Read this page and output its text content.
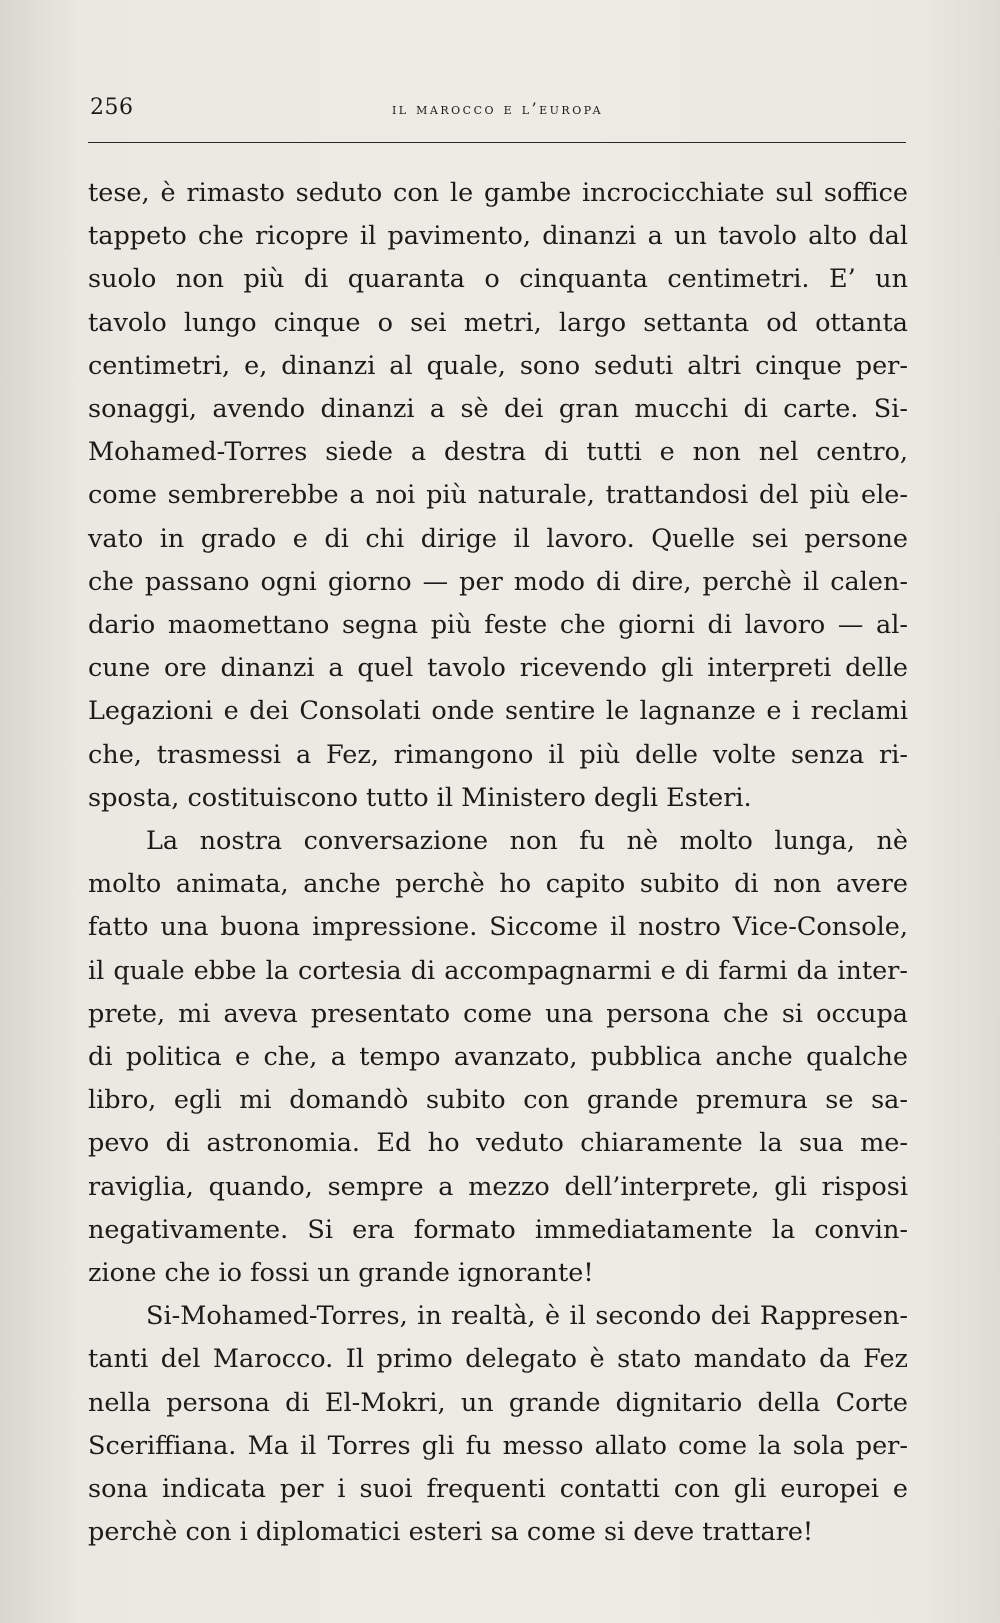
256	il marocco e l’europa
tese, è rimasto seduto con le gambe incrocicchiate sul soffice
tappeto che ricopre il pavimento, dinanzi a un tavolo alto dal
suolo non più di quaranta o cinquanta centimetri. E’ un
tavolo lungo cinque o sei metri, largo settanta od ottanta
centimetri, e, dinanzi al quale, sono seduti altri cinque per-
sonaggi, avendo dinanzi a sè dei gran mucchi di carte. Si-
Mohamed-Torres siede a destra di tutti e non nel centro,
come sembrerebbe a noi più naturale, trattandosi del più ele-
vato in grado e di chi dirige il lavoro. Quelle sei persone
che passano ogni giorno — per modo di dire, perchè il calen-
dario maomettano segna più feste che giorni di lavoro — al-
cune ore dinanzi a quel tavolo ricevendo gli interpreti delle
Legazioni e dei Consolati onde sentire le lagnanze e i reclami
che, trasmessi a Fez, rimangono il più delle volte senza ri-
sposta, costituiscono tutto il Ministero degli Esteri.
La nostra conversazione non fu nè molto lunga, nè
molto animata, anche perchè ho capito subito di non avere
fatto una buona impressione. Siccome il nostro Vice-Console,
il quale ebbe la cortesia di accompagnarmi e di farmi da inter-
prete, mi aveva presentato come una persona che si occupa
di politica e che, a tempo avanzato, pubblica anche qualche
libro, egli mi domandò subito con grande premura se sa-
pevo di astronomia. Ed ho veduto chiaramente la sua me-
raviglia, quando, sempre a mezzo dell’interprete, gli risposi
negativamente. Si era formato immediatamente la convin-
zione che io fossi un grande ignorante!
Si-Mohamed-Torres, in realtà, è il secondo dei Rappresen-
tanti del Marocco. Il primo delegato è stato mandato da Fez
nella persona di El-Mokri, un grande dignitario della Corte
Sceriffiana. Ma il Torres gli fu messo allato come la sola per-
sona indicata per i suoi frequenti contatti con gli europei e
perchè con i diplomatici esteri sa come si deve trattare!
